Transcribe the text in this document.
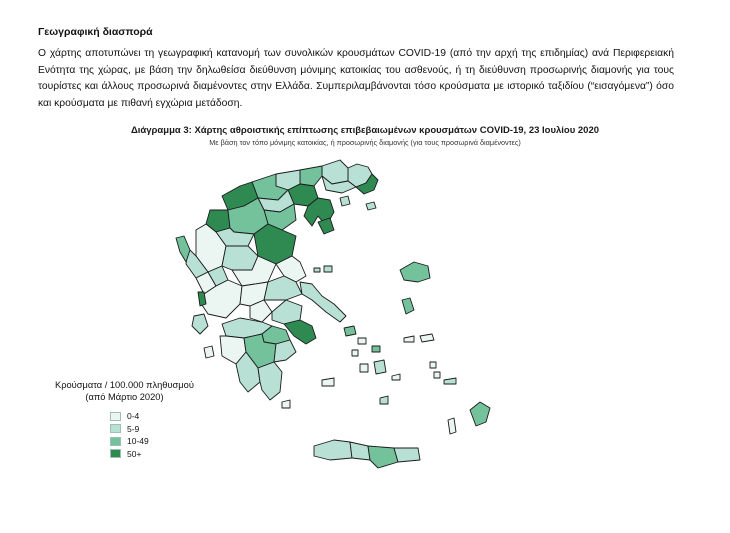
Γεωγραφική διασπορά
Ο χάρτης αποτυπώνει τη γεωγραφική κατανομή των συνολικών κρουσμάτων COVID-19 (από την αρχή της επιδημίας) ανά Περιφερειακή Ενότητα της χώρας, με βάση την δηλωθείσα διεύθυνση μόνιμης κατοικίας του ασθενούς, ή τη διεύθυνση προσωρινής διαμονής για τους τουρίστες και άλλους προσωρινά διαμένοντες στην Ελλάδα. Συμπεριλαμβάνονται τόσο κρούσματα με ιστορικό ταξιδίου (“εισαγόμενα”) όσο και κρούσματα με πιθανή εγχώρια μετάδοση.
Διάγραμμα 3: Χάρτης αθροιστικής επίπτωσης επιβεβαιωμένων κρουσμάτων COVID-19, 23 Ιουλίου 2020
Με βάση τον τόπο μόνιμης κατοικίας, ή προσωρινής διαμονής (για τους προσωρινά διαμένοντες)
Κρούσματα / 100.000 πληθυσμού
(από Μάρτιο 2020)
0-4
5-9
10-49
50+
